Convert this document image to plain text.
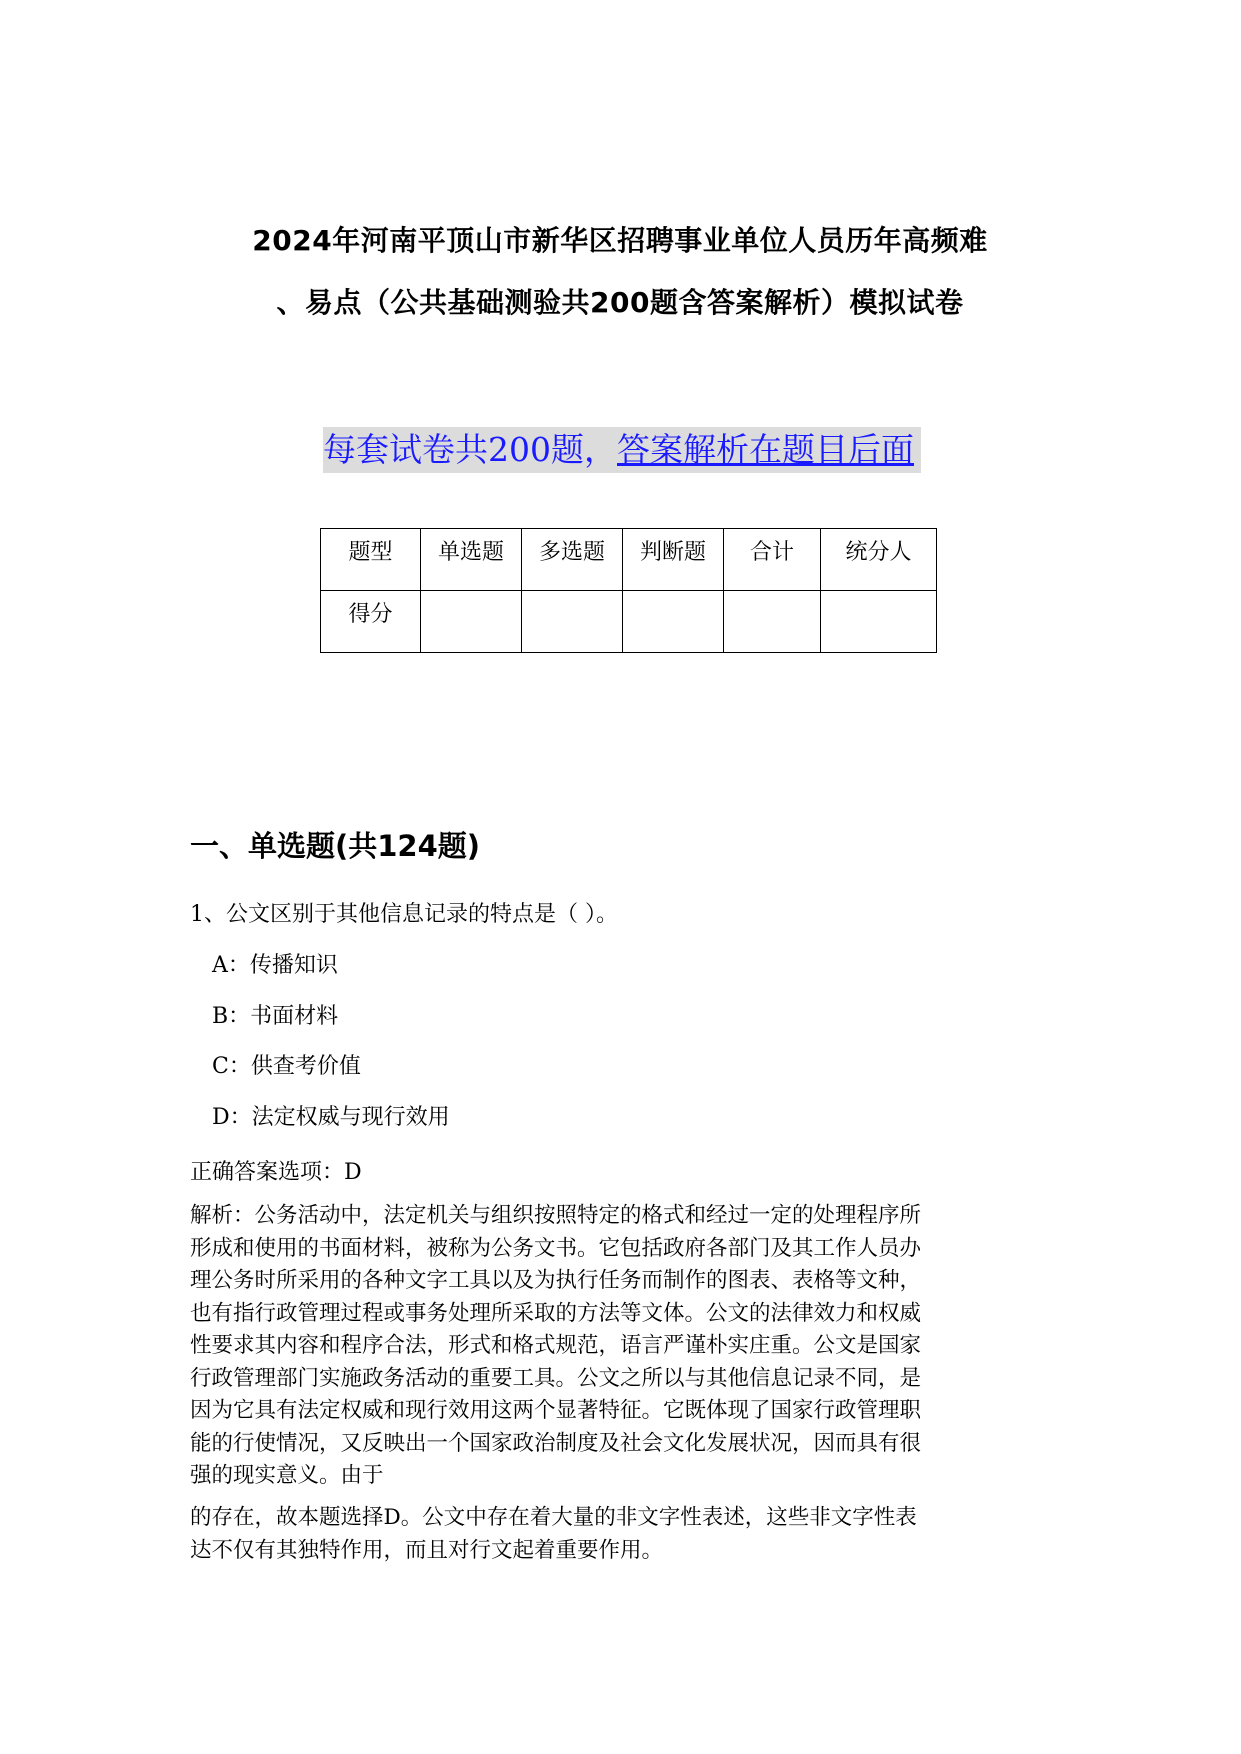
2024年河南平顶山市新华区招聘事业单位人员历年高频难
、易点（公共基础测验共200题含答案解析）模拟试卷
每套试卷共200题，答案解析在题目后面
题型	单选题	多选题	判断题	合计	统分人
得分					
一、单选题(共124题)
1、公文区别于其他信息记录的特点是（ ）。
A：传播知识
B：书面材料
C：供查考价值
D：法定权威与现行效用
正确答案选项：D
解析：公务活动中，法定机关与组织按照特定的格式和经过一定的处理程序所
形成和使用的书面材料，被称为公务文书。它包括政府各部门及其工作人员办
理公务时所采用的各种文字工具以及为执行任务而制作的图表、表格等文种，
也有指行政管理过程或事务处理所采取的方法等文体。公文的法律效力和权威
性要求其内容和程序合法，形式和格式规范，语言严谨朴实庄重。公文是国家
行政管理部门实施政务活动的重要工具。公文之所以与其他信息记录不同，是
因为它具有法定权威和现行效用这两个显著特征。它既体现了国家行政管理职
能的行使情况，又反映出一个国家政治制度及社会文化发展状况，因而具有很
强的现实意义。由于
的存在，故本题选择D。公文中存在着大量的非文字性表述，这些非文字性表
达不仅有其独特作用，而且对行文起着重要作用。
